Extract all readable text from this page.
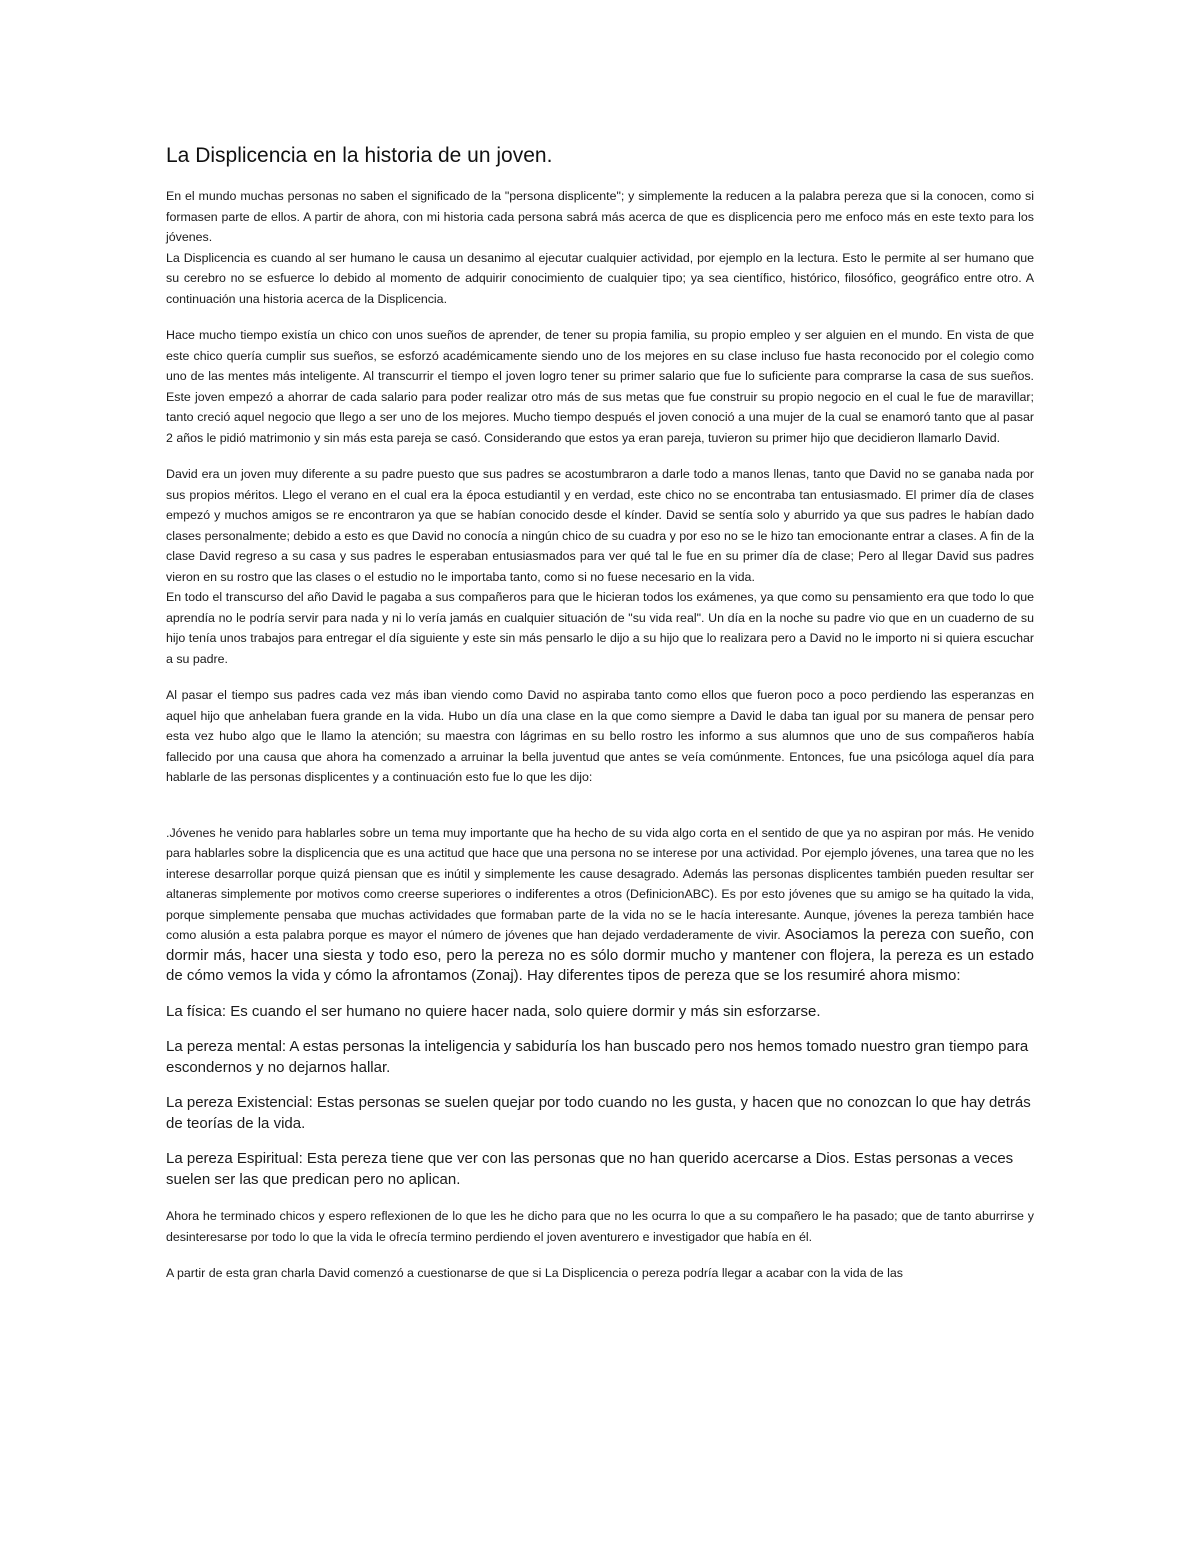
La Displicencia en la historia de un joven.

En el mundo muchas personas no saben el significado de la "persona displicente"; y simplemente la reducen a la palabra pereza que si la conocen, como si formasen parte de ellos. A partir de ahora, con mi historia cada persona sabrá más acerca de que es displicencia pero me enfoco más en este texto para los jóvenes.

La Displicencia es cuando al ser humano le causa un desanimo al ejecutar cualquier actividad, por ejemplo en la lectura. Esto le permite al ser humano que su cerebro no se esfuerce lo debido al momento de adquirir conocimiento de cualquier tipo; ya sea científico, histórico, filosófico, geográfico entre otro. A continuación una historia acerca de la Displicencia.

Hace mucho tiempo existía un chico con unos sueños de aprender, de tener su propia familia, su propio empleo y ser alguien en el mundo. En vista de que este chico quería cumplir sus sueños, se esforzó académicamente siendo uno de los mejores en su clase incluso fue hasta reconocido por el colegio como uno de las mentes más inteligente. Al transcurrir el tiempo el joven logro tener su primer salario que fue lo suficiente para comprarse la casa de sus sueños. Este joven empezó a ahorrar de cada salario para poder realizar otro más de sus metas que fue construir su propio negocio en el cual le fue de maravillar; tanto creció aquel negocio que llego a ser uno de los mejores. Mucho tiempo después el joven conoció a una mujer de la cual se enamoró tanto que al pasar 2 años le pidió matrimonio y sin más esta pareja se casó. Considerando que estos ya eran pareja, tuvieron su primer hijo que decidieron llamarlo David.

David era un joven muy diferente a su padre puesto que sus padres se acostumbraron a darle todo a manos llenas, tanto que David no se ganaba nada por sus propios méritos. Llego el verano en el cual era la época estudiantil y en verdad, este chico no se encontraba tan entusiasmado. El primer día de clases empezó y muchos amigos se re encontraron ya que se habían conocido desde el kínder. David se sentía solo y aburrido ya que sus padres le habían dado clases personalmente; debido a esto es que David no conocía a ningún chico de su cuadra y por eso no se le hizo tan emocionante entrar a clases. A fin de la clase David regreso a su casa y sus padres le esperaban entusiasmados para ver qué tal le fue en su primer día de clase; Pero al llegar David sus padres vieron en su rostro que las clases o el estudio no le importaba tanto, como si no fuese necesario en la vida.

En todo el transcurso del año David le pagaba a sus compañeros para que le hicieran todos los exámenes, ya que como su pensamiento era que todo lo que aprendía no le podría servir para nada y ni lo vería jamás en cualquier situación de "su vida real". Un día en la noche su padre vio que en un cuaderno de su hijo tenía unos trabajos para entregar el día siguiente y este sin más pensarlo le dijo a su hijo que lo realizara pero a David no le importo ni si quiera escuchar a su padre.

Al pasar el tiempo sus padres cada vez más iban viendo como David no aspiraba tanto como ellos que fueron poco a poco perdiendo las esperanzas en aquel hijo que anhelaban fuera grande en la vida. Hubo un día una clase en la que como siempre a David le daba tan igual por su manera de pensar pero esta vez hubo algo que le llamo la atención; su maestra con lágrimas en su bello rostro les informo a sus alumnos que uno de sus compañeros había fallecido por una causa que ahora ha comenzado a arruinar la bella juventud que antes se veía comúnmente. Entonces, fue una psicóloga aquel día para hablarle de las personas displicentes y a continuación esto fue lo que les dijo:

.Jóvenes he venido para hablarles sobre un tema muy importante que ha hecho de su vida algo corta en el sentido de que ya no aspiran por más. He venido para hablarles sobre la displicencia que es una actitud que hace que una persona no se interese por una actividad. Por ejemplo jóvenes, una tarea que no les interese desarrollar porque quizá piensan que es inútil y simplemente les cause desagrado. Además las personas displicentes también pueden resultar ser altaneras simplemente por motivos como creerse superiores o indiferentes a otros (DefinicionABC). Es por esto jóvenes que su amigo se ha quitado la vida, porque simplemente pensaba que muchas actividades que formaban parte de la vida no se le hacía interesante. Aunque, jóvenes la pereza también hace como alusión a esta palabra porque es mayor el número de jóvenes que han dejado verdaderamente de vivir. Asociamos la pereza con sueño, con dormir más, hacer una siesta y todo eso, pero la pereza no es sólo dormir mucho y mantener con flojera, la pereza es un estado de cómo vemos la vida y cómo la afrontamos (Zonaj). Hay diferentes tipos de pereza que se los resumiré ahora mismo:

La física: Es cuando el ser humano no quiere hacer nada, solo quiere dormir y más sin esforzarse.

La pereza mental: A estas personas la inteligencia y sabiduría los han buscado pero nos hemos tomado nuestro gran tiempo para escondernos y no dejarnos hallar.

La pereza Existencial: Estas personas se suelen quejar por todo cuando no les gusta, y hacen que no conozcan lo que hay detrás de teorías de la vida.

La pereza Espiritual: Esta pereza tiene que ver con las personas que no han querido acercarse a Dios. Estas personas a veces suelen ser las que predican pero no aplican.

Ahora he terminado chicos y espero reflexionen de lo que les he dicho para que no les ocurra lo que a su compañero le ha pasado; que de tanto aburrirse y desinteresarse por todo lo que la vida le ofrecía termino perdiendo el joven aventurero e investigador que había en él.

A partir de esta gran charla David comenzó a cuestionarse de que si La Displicencia o pereza podría llegar a acabar con la vida de las
